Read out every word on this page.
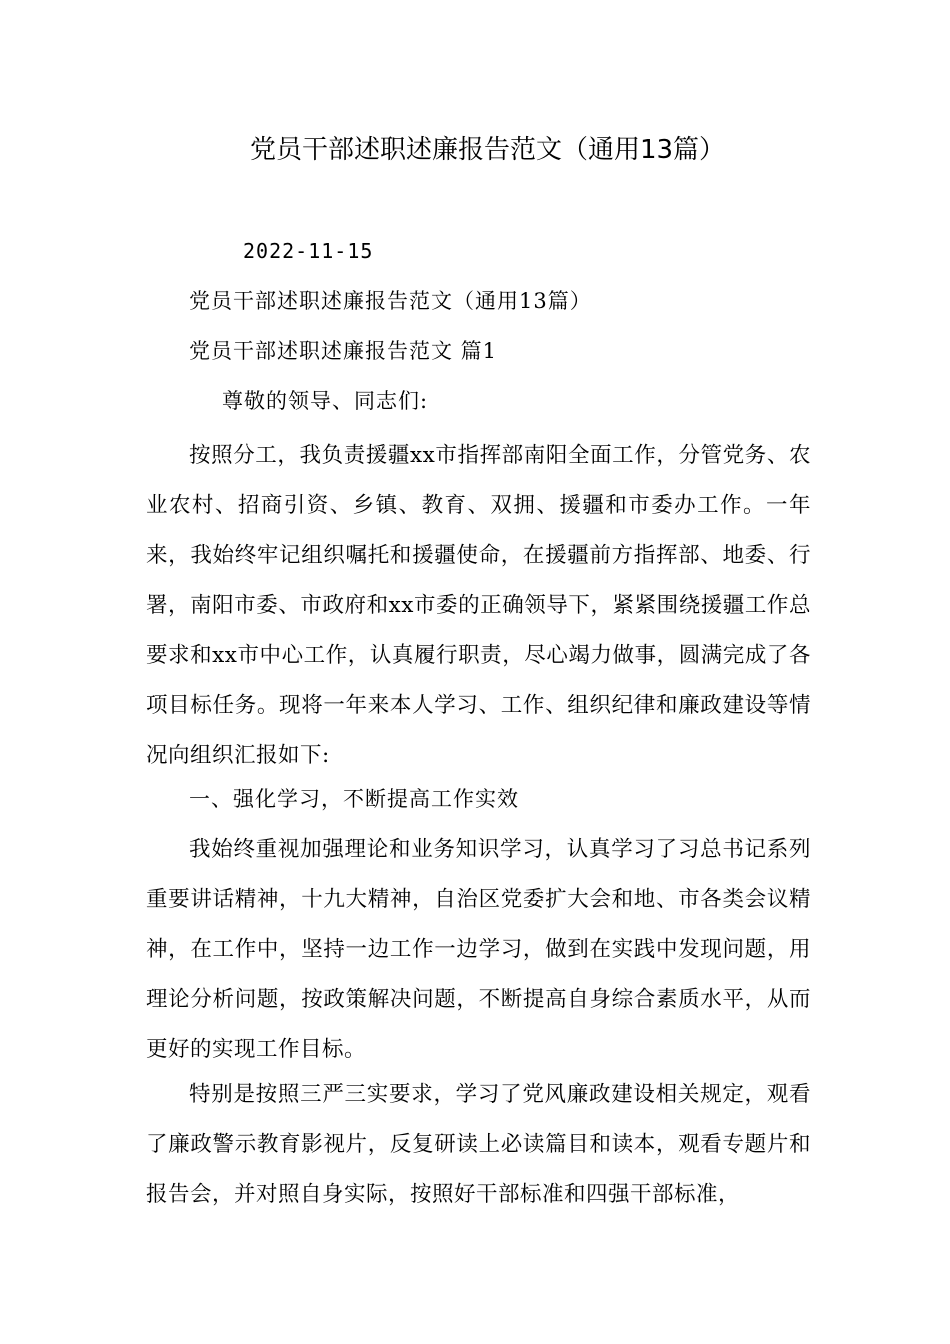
党员干部述职述廉报告范文（通用13篇）
2022-11-15
党员干部述职述廉报告范文（通用13篇）
党员干部述职述廉报告范文 篇1
尊敬的领导、同志们:
按照分工，我负责援疆xx市指挥部南阳全面工作，分管党务、农业农村、招商引资、乡镇、教育、双拥、援疆和市委办工作。一年来，我始终牢记组织嘱托和援疆使命，在援疆前方指挥部、地委、行署，南阳市委、市政府和xx市委的正确领导下，紧紧围绕援疆工作总要求和xx市中心工作，认真履行职责，尽心竭力做事，圆满完成了各项目标任务。现将一年来本人学习、工作、组织纪律和廉政建设等情况向组织汇报如下:
一、强化学习，不断提高工作实效
我始终重视加强理论和业务知识学习，认真学习了习总书记系列重要讲话精神，十九大精神，自治区党委扩大会和地、市各类会议精神，在工作中，坚持一边工作一边学习，做到在实践中发现问题，用理论分析问题，按政策解决问题，不断提高自身综合素质水平，从而更好的实现工作目标。
特别是按照三严三实要求，学习了党风廉政建设相关规定，观看了廉政警示教育影视片，反复研读上必读篇目和读本，观看专题片和报告会，并对照自身实际，按照好干部标准和四强干部标准，
